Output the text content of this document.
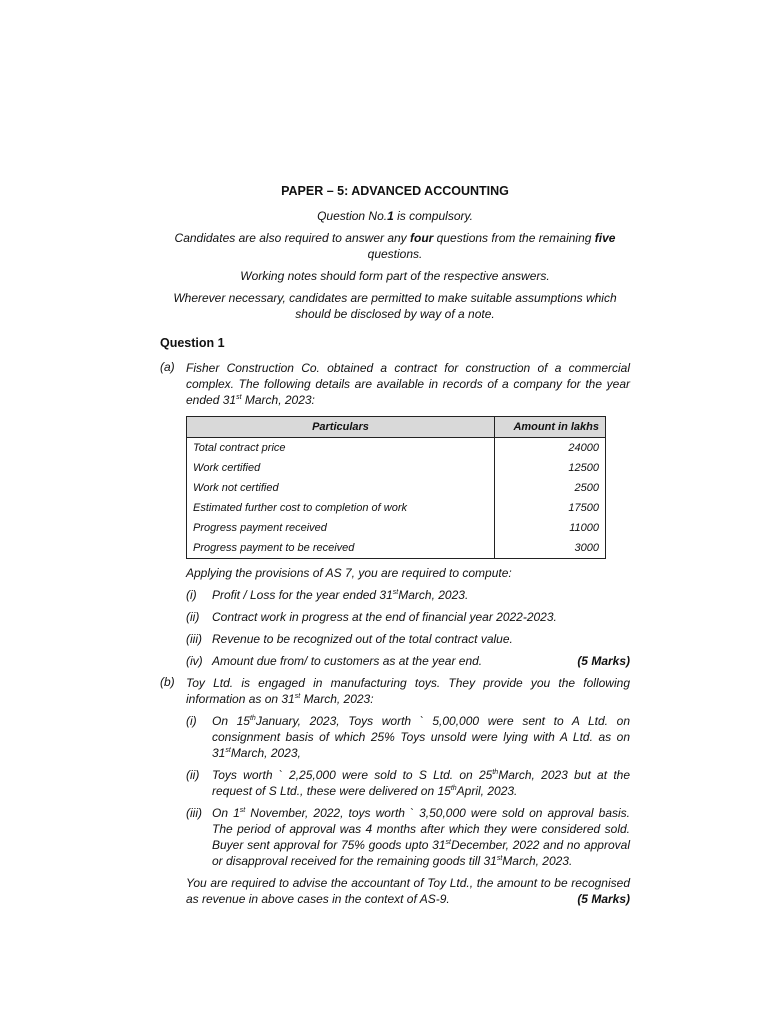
PAPER – 5: ADVANCED ACCOUNTING
Question No.1 is compulsory.
Candidates are also required to answer any four questions from the remaining five questions.
Working notes should form part of the respective answers.
Wherever necessary, candidates are permitted to make suitable assumptions which should be disclosed by way of a note.
Question 1
(a) Fisher Construction Co. obtained a contract for construction of a commercial complex. The following details are available in records of a company for the year ended 31st March, 2023:
Particulars	Amount in lakhs
Total contract price	24000
Work certified	12500
Work not certified	2500
Estimated further cost to completion of work	17500
Progress payment received	11000
Progress payment to be received	3000
Applying the provisions of AS 7, you are required to compute:
(i)	Profit / Loss for the year ended 31stMarch, 2023.
(ii)	Contract work in progress at the end of financial year 2022-2023.
(iii) Revenue to be recognized out of the total contract value.
(iv) Amount due from/ to customers as at the year end.	(5 Marks)
(b) Toy Ltd. is engaged in manufacturing toys. They provide you the following information as on 31st March, 2023:
(i)	On 15thJanuary, 2023, Toys worth ` 5,00,000 were sent to A Ltd. on consignment basis of which 25% Toys unsold were lying with A Ltd. as on 31stMarch, 2023,
(ii)	Toys worth ` 2,25,000 were sold to S Ltd. on 25thMarch, 2023 but at the request of S Ltd., these were delivered on 15thApril, 2023.
(iii) On 1st November, 2022, toys worth ` 3,50,000 were sold on approval basis. The period of approval was 4 months after which they were considered sold. Buyer sent approval for 75% goods upto 31stDecember, 2022 and no approval or disapproval received for the remaining goods till 31stMarch, 2023.
You are required to advise the accountant of Toy Ltd., the amount to be recognised as revenue in above cases in the context of AS-9.	(5 Marks)
